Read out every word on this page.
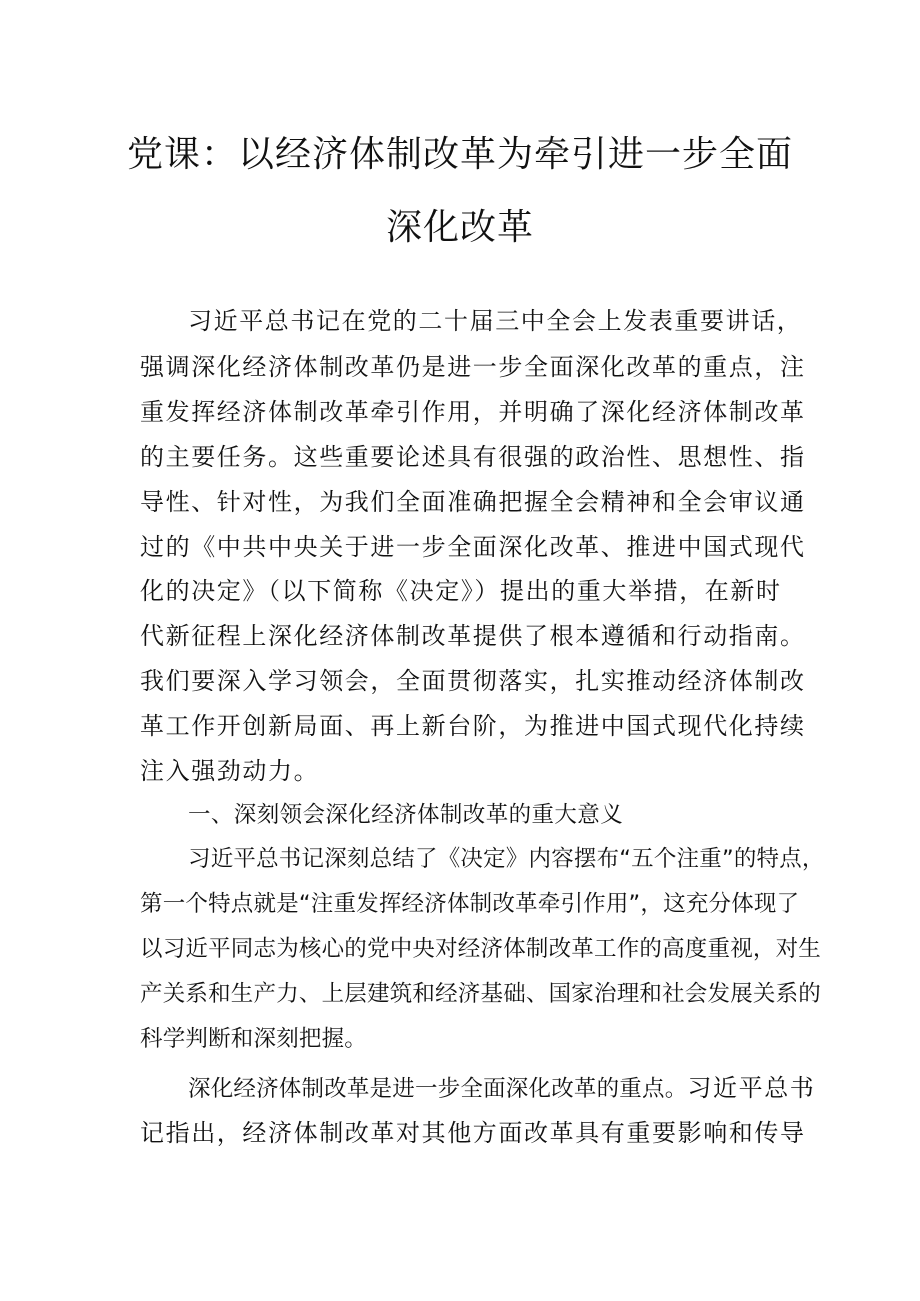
党课：以经济体制改革为牵引进一步全面
深化改革
习近平总书记在党的二十届三中全会上发表重要讲话，
强调深化经济体制改革仍是进一步全面深化改革的重点，注
重发挥经济体制改革牵引作用，并明确了深化经济体制改革
的主要任务。这些重要论述具有很强的政治性、思想性、指
导性、针对性，为我们全面准确把握全会精神和全会审议通
过的《中共中央关于进一步全面深化改革、推进中国式现代
化的决定》（以下简称《决定》）提出的重大举措，在新时
代新征程上深化经济体制改革提供了根本遵循和行动指南。
我们要深入学习领会，全面贯彻落实，扎实推动经济体制改
革工作开创新局面、再上新台阶，为推进中国式现代化持续
注入强劲动力。
一、深刻领会深化经济体制改革的重大意义
习近平总书记深刻总结了《决定》内容摆布“五个注重”的特点，
第一个特点就是“注重发挥经济体制改革牵引作用”，这充分体现了
以习近平同志为核心的党中央对经济体制改革工作的高度重视，对生
产关系和生产力、上层建筑和经济基础、国家治理和社会发展关系的
科学判断和深刻把握。
深化经济体制改革是进一步全面深化改革的重点。习近平总书
记指出，经济体制改革对其他方面改革具有重要影响和传导
